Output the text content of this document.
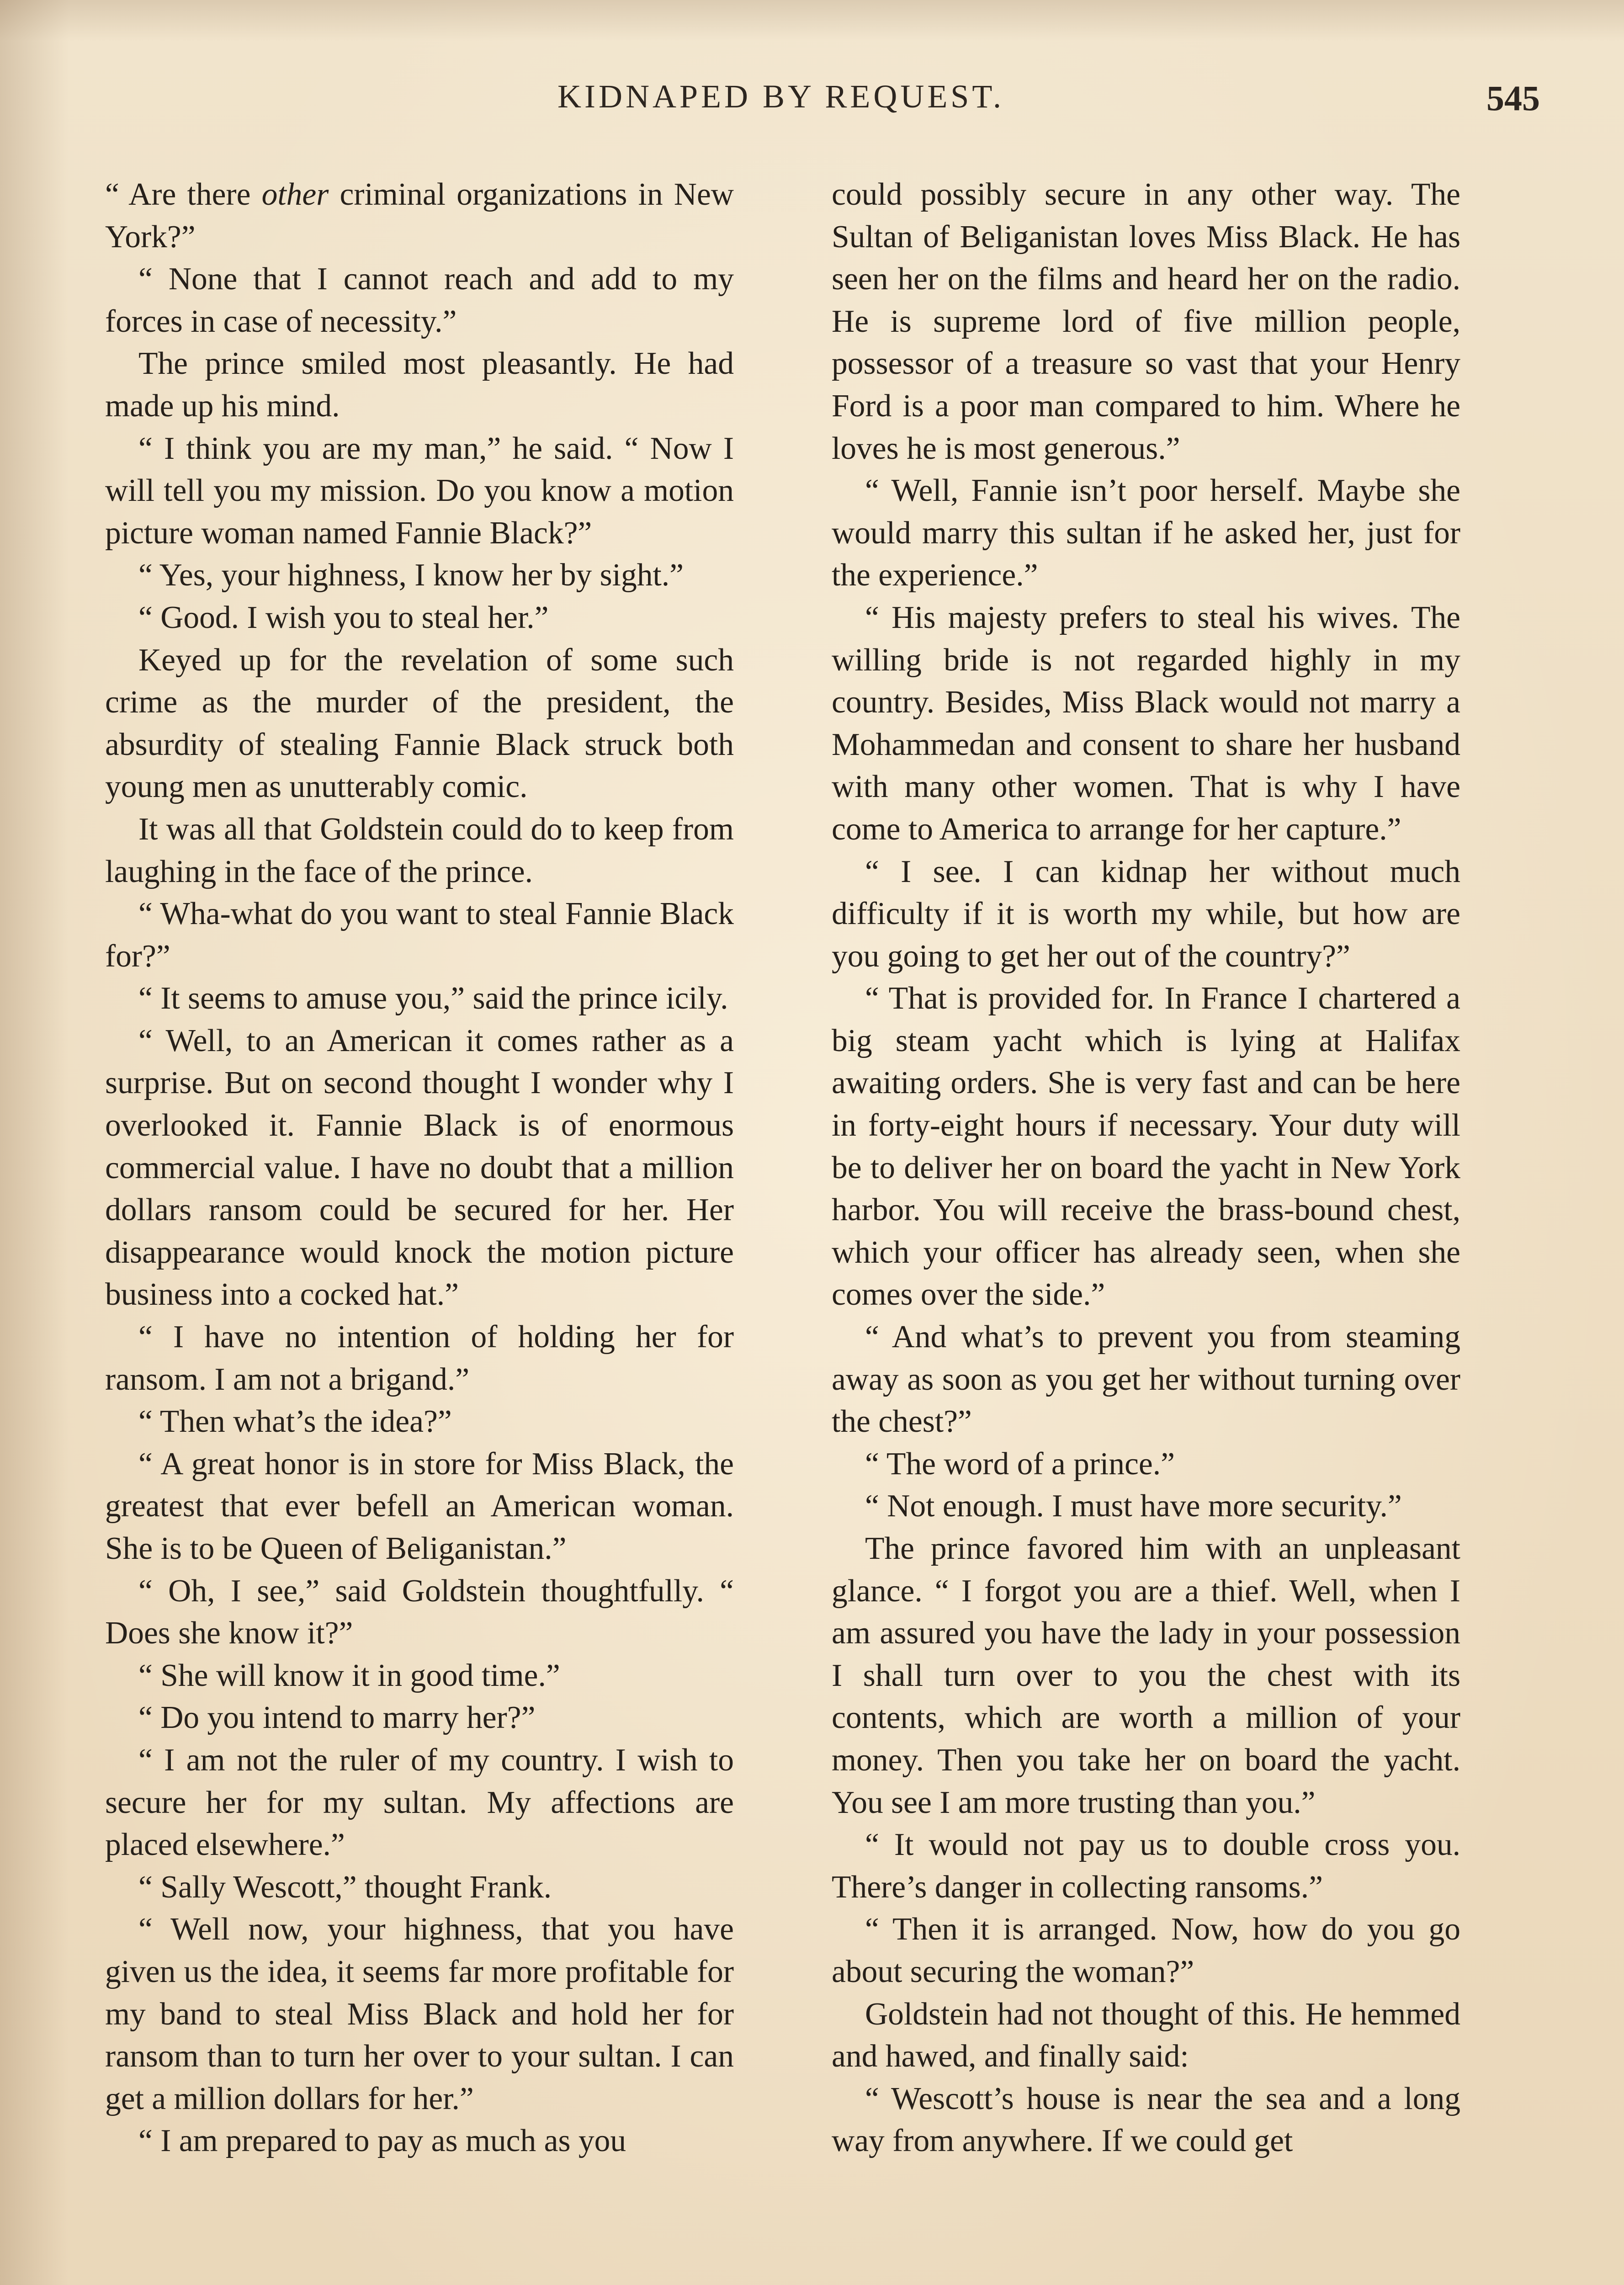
KIDNAPED BY REQUEST.	545

“ Are there other criminal organizations in New York?”

“ None that I cannot reach and add to my forces in case of necessity.”

The prince smiled most pleasantly. He had made up his mind.

“ I think you are my man,” he said. “ Now I will tell you my mission. Do you know a motion picture woman named Fannie Black?”

“ Yes, your highness, I know her by sight.”

“ Good. I wish you to steal her.”

Keyed up for the revelation of some such crime as the murder of the president, the absurdity of stealing Fannie Black struck both young men as unutterably comic.

It was all that Goldstein could do to keep from laughing in the face of the prince.

“ Wha-what do you want to steal Fannie Black for?”

“ It seems to amuse you,” said the prince icily.

“ Well, to an American it comes rather as a surprise. But on second thought I wonder why I overlooked it. Fannie Black is of enormous commercial value. I have no doubt that a million dollars ransom could be secured for her. Her disappearance would knock the motion picture business into a cocked hat.”

“ I have no intention of holding her for ransom. I am not a brigand.”

“ Then what’s the idea?”

“ A great honor is in store for Miss Black, the greatest that ever befell an American woman. She is to be Queen of Beliganistan.”

“ Oh, I see,” said Goldstein thoughtfully. “ Does she know it?”

“ She will know it in good time.”

“ Do you intend to marry her?”

“ I am not the ruler of my country. I wish to secure her for my sultan. My affections are placed elsewhere.”

“ Sally Wescott,” thought Frank.

“ Well now, your highness, that you have given us the idea, it seems far more profitable for my band to steal Miss Black and hold her for ransom than to turn her over to your sultan. I can get a million dollars for her.”

“ I am prepared to pay as much as you

could possibly secure in any other way. The Sultan of Beliganistan loves Miss Black. He has seen her on the films and heard her on the radio. He is supreme lord of five million people, possessor of a treasure so vast that your Henry Ford is a poor man compared to him. Where he loves he is most generous.”

“ Well, Fannie isn’t poor herself. Maybe she would marry this sultan if he asked her, just for the experience.”

“ His majesty prefers to steal his wives. The willing bride is not regarded highly in my country. Besides, Miss Black would not marry a Mohammedan and consent to share her husband with many other women. That is why I have come to America to arrange for her capture.”

“ I see. I can kidnap her without much difficulty if it is worth my while, but how are you going to get her out of the country?”

“ That is provided for. In France I chartered a big steam yacht which is lying at Halifax awaiting orders. She is very fast and can be here in forty-eight hours if necessary. Your duty will be to deliver her on board the yacht in New York harbor. You will receive the brass-bound chest, which your officer has already seen, when she comes over the side.”

“ And what’s to prevent you from steaming away as soon as you get her without turning over the chest?”

“ The word of a prince.”

“ Not enough. I must have more security.”

The prince favored him with an unpleasant glance. “ I forgot you are a thief. Well, when I am assured you have the lady in your possession I shall turn over to you the chest with its contents, which are worth a million of your money. Then you take her on board the yacht. You see I am more trusting than you.”

“ It would not pay us to double cross you. There’s danger in collecting ransoms.”

“ Then it is arranged. Now, how do you go about securing the woman?”

Goldstein had not thought of this. He hemmed and hawed, and finally said:

“ Wescott’s house is near the sea and a long way from anywhere. If we could get
